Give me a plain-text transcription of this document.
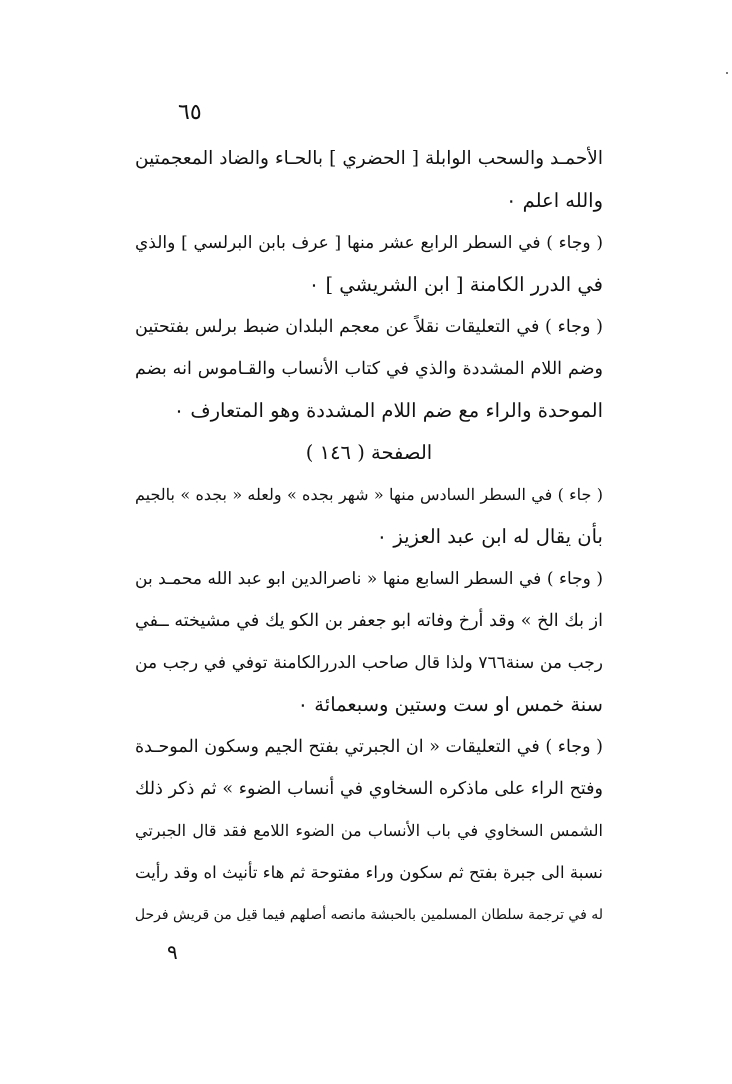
٦٥
الأحمـد والسحب الوابلة [ الحضري ] بالحـاء والضاد المعجمتين
والله اعلم ٠
( وجاء ) في السطر الرابع عشر منها [ عرف بابن البرلسي ] والذي
في الدرر الكامنة [ ابن الشريشي ] ٠
( وجاء ) في التعليقات نقلاً عن معجم البلدان ضبط برلس بفتحتين
وضم اللام المشددة والذي في كتاب الأنساب والقـاموس انه بضم
الموحدة والراء مع ضم اللام المشددة وهو المتعارف ٠
الصفحة ( ١٤٦ )
( جاء ) في السطر السادس منها « شهر بجده » ولعله « بجده » بالجيم
بأن يقال له ابن عبد العزيز ٠
( وجاء ) في السطر السابع منها « ناصرالدين ابو عبد الله محمـد بن
از بك الخ » وقد أرخ وفاته ابو جعفر بن الكو يك في مشيخته ــفي
رجب من سنة٧٦٦ ولذا قال صاحب الدررالكامنة توفي في رجب من
سنة خمس او ست وستين وسبعمائة ٠
( وجاء ) في التعليقات « ان الجبرتي بفتح الجيم وسكون الموحـدة
وفتح الراء على ماذكره السخاوي في أنساب الضوء » ثم ذكر ذلك
الشمس السخاوي في باب الأنساب من الضوء اللامع فقد قال الجبرتي
نسبة الى جبرة بفتح ثم سكون وراء مفتوحة ثم هاء تأنيث اه وقد رأيت
له في ترجمة سلطان المسلمين بالحبشة مانصه أصلهم فيما قيل من قريش فرحل
٩
